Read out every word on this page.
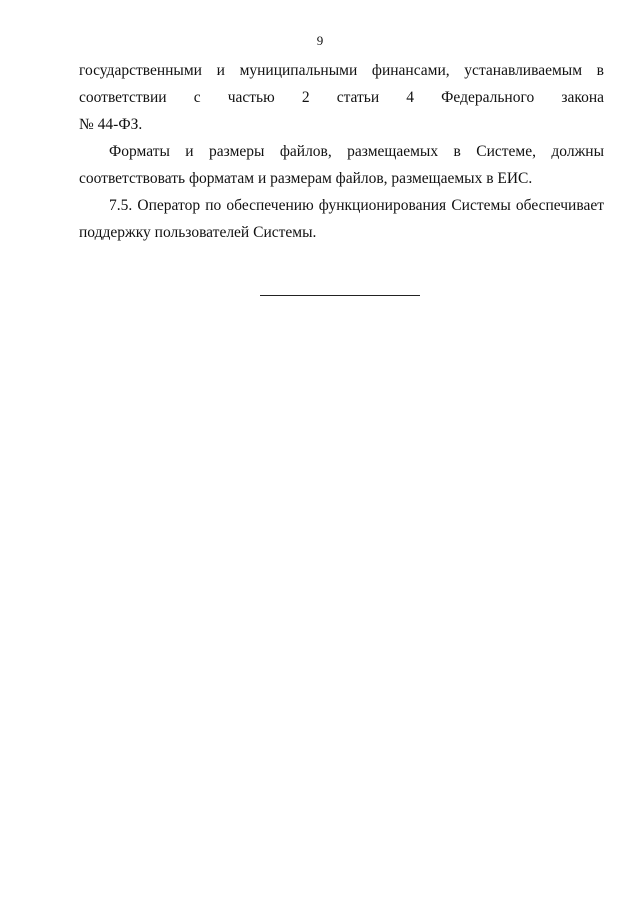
9
государственными и муниципальными финансами, устанавливаемым в
соответствии с частью 2 статьи 4 Федерального закона
№ 44-ФЗ.
Форматы и размеры файлов, размещаемых в Системе, должны
соответствовать форматам и размерам файлов, размещаемых в ЕИС.
7.5. Оператор по обеспечению функционирования Системы обеспечивает
поддержку пользователей Системы.
